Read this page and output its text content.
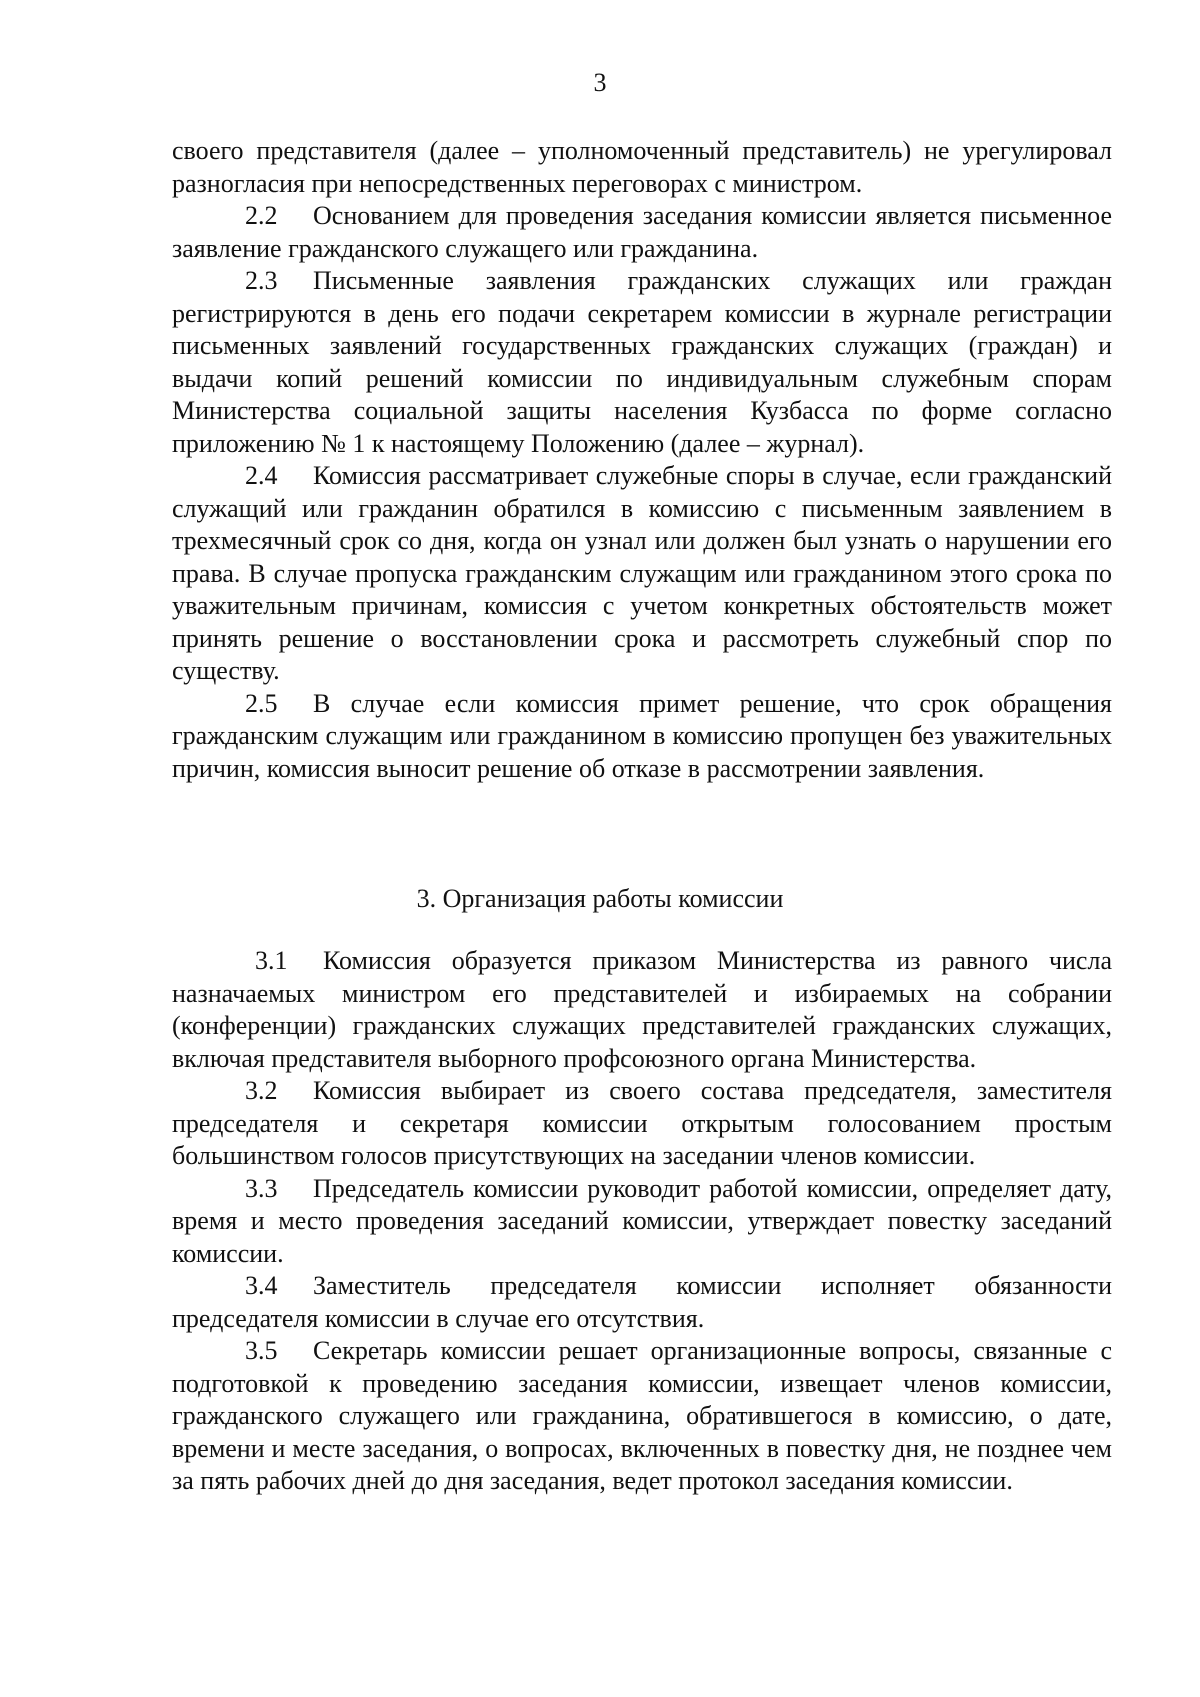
3

своего представителя (далее – уполномоченный представитель) не урегулировал разногласия при непосредственных переговорах с министром.

2.2 Основанием для проведения заседания комиссии является письменное заявление гражданского служащего или гражданина.

2.3 Письменные заявления гражданских служащих или граждан регистрируются в день его подачи секретарем комиссии в журнале регистрации письменных заявлений государственных гражданских служащих (граждан) и выдачи копий решений комиссии по индивидуальным служебным спорам Министерства социальной защиты населения Кузбасса по форме согласно приложению № 1 к настоящему Положению (далее – журнал).

2.4 Комиссия рассматривает служебные споры в случае, если гражданский служащий или гражданин обратился в комиссию с письменным заявлением в трехмесячный срок со дня, когда он узнал или должен был узнать о нарушении его права. В случае пропуска гражданским служащим или гражданином этого срока по уважительным причинам, комиссия с учетом конкретных обстоятельств может принять решение о восстановлении срока и рассмотреть служебный спор по существу.

2.5 В случае если комиссия примет решение, что срок обращения гражданским служащим или гражданином в комиссию пропущен без уважительных причин, комиссия выносит решение об отказе в рассмотрении заявления.

3. Организация работы комиссии

3.1 Комиссия образуется приказом Министерства из равного числа назначаемых министром его представителей и избираемых на собрании (конференции) гражданских служащих представителей гражданских служащих, включая представителя выборного профсоюзного органа Министерства.

3.2 Комиссия выбирает из своего состава председателя, заместителя председателя и секретаря комиссии открытым голосованием простым большинством голосов присутствующих на заседании членов комиссии.

3.3 Председатель комиссии руководит работой комиссии, определяет дату, время и место проведения заседаний комиссии, утверждает повестку заседаний комиссии.

3.4 Заместитель председателя комиссии исполняет обязанности председателя комиссии в случае его отсутствия.

3.5 Секретарь комиссии решает организационные вопросы, связанные с подготовкой к проведению заседания комиссии, извещает членов комиссии, гражданского служащего или гражданина, обратившегося в комиссию, о дате, времени и месте заседания, о вопросах, включенных в повестку дня, не позднее чем за пять рабочих дней до дня заседания, ведет протокол заседания комиссии.
